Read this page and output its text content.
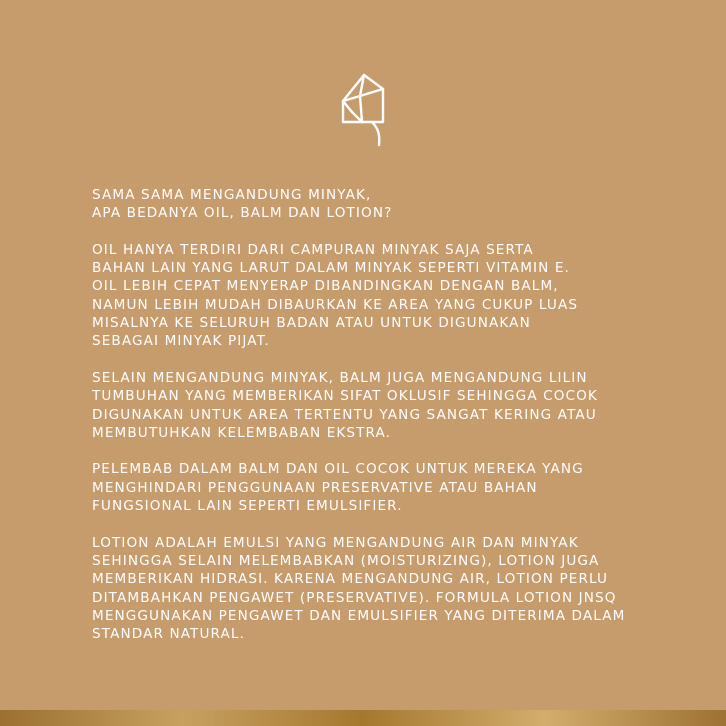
SAMA SAMA MENGANDUNG MINYAK,
APA BEDANYA OIL, BALM DAN LOTION?

OIL HANYA TERDIRI DARI CAMPURAN MINYAK SAJA SERTA
BAHAN LAIN YANG LARUT DALAM MINYAK SEPERTI VITAMIN E.
OIL LEBIH CEPAT MENYERAP DIBANDINGKAN DENGAN BALM,
NAMUN LEBIH MUDAH DIBAURKAN KE AREA YANG CUKUP LUAS
MISALNYA KE SELURUH BADAN ATAU UNTUK DIGUNAKAN
SEBAGAI MINYAK PIJAT.

SELAIN MENGANDUNG MINYAK, BALM JUGA MENGANDUNG LILIN
TUMBUHAN YANG MEMBERIKAN SIFAT OKLUSIF SEHINGGA COCOK
DIGUNAKAN UNTUK AREA TERTENTU YANG SANGAT KERING ATAU
MEMBUTUHKAN KELEMBABAN EKSTRA.

PELEMBAB DALAM BALM DAN OIL COCOK UNTUK MEREKA YANG
MENGHINDARI PENGGUNAAN PRESERVATIVE ATAU BAHAN
FUNGSIONAL LAIN SEPERTI EMULSIFIER.

LOTION ADALAH EMULSI YANG MENGANDUNG AIR DAN MINYAK
SEHINGGA SELAIN MELEMBABKAN (MOISTURIZING), LOTION JUGA
MEMBERIKAN HIDRASI. KARENA MENGANDUNG AIR, LOTION PERLU
DITAMBAHKAN PENGAWET (PRESERVATIVE). FORMULA LOTION JNSQ
MENGGUNAKAN PENGAWET DAN EMULSIFIER YANG DITERIMA DALAM
STANDAR NATURAL.
